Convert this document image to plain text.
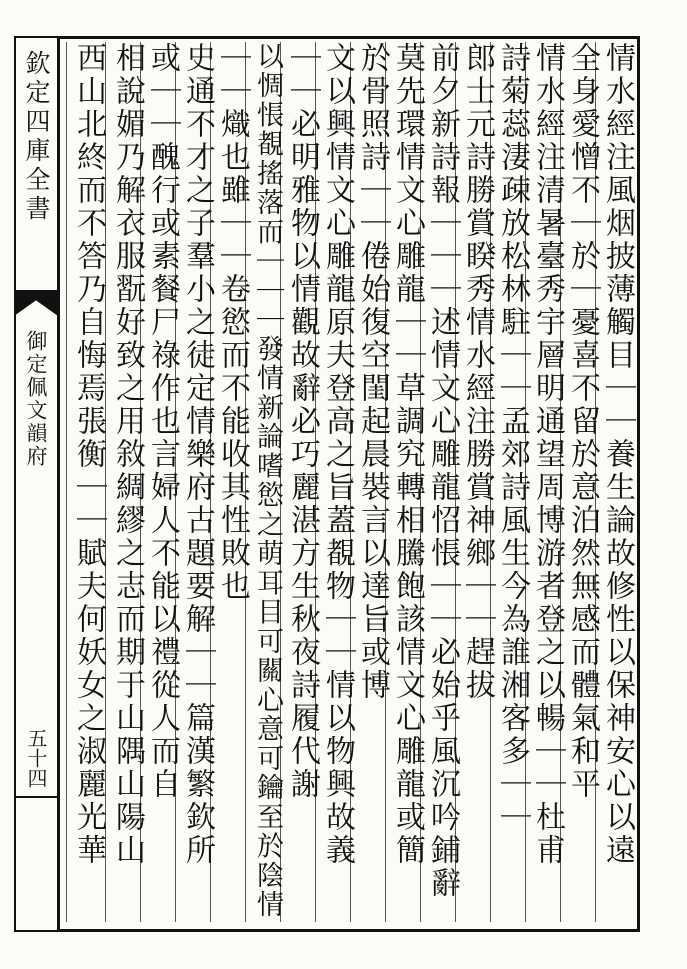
欽定四庫全書
御定佩文韻府
五十四	情水經注風烟披薄觸目｜｜養生論故修性以保神安心以遠
全身愛憎不｜於｜憂喜不留於意泊然無感而體氣和平
情水經注清暑臺秀宇層明通望周博游者登之以暢｜｜杜甫
詩菊蕊淒疎放松林駐｜｜孟郊詩風生今為誰湘客多｜｜
郎士元詩勝賞睽秀情水經注勝賞神鄉｜｜趕拔
前夕新詩報｜｜｜述情文心雕龍怊悵｜｜必始乎風沉吟鋪辭
莫先環情文心雕龍｜｜草調究轉相騰飽該情文心雕龍或簡
於骨照詩｜｜倦始復空閨起晨裝言以達旨或博
文以興情文心雕龍原夫登高之旨蓋覩物｜｜情以物興故義
｜｜必明雅物以情觀故辭必巧麗湛方生秋夜詩履代謝
以惆悵覩搖落而｜｜｜發情新論嗜慾之萌耳目可關心意可鑰至於陰情
｜｜熾也雖｜｜卷慾而不能收其性敗也
史通不才之子羣小之徒定情樂府古題要解｜｜篇漢繁欽所
或｜｜醜行或素餐尸祿作也言婦人不能以禮從人而自
相說媚乃解衣服翫好致之用敘綢繆之志而期于山隅山陽山
西山北終而不答乃自悔焉張衡｜｜賦夫何妖女之淑麗光華
